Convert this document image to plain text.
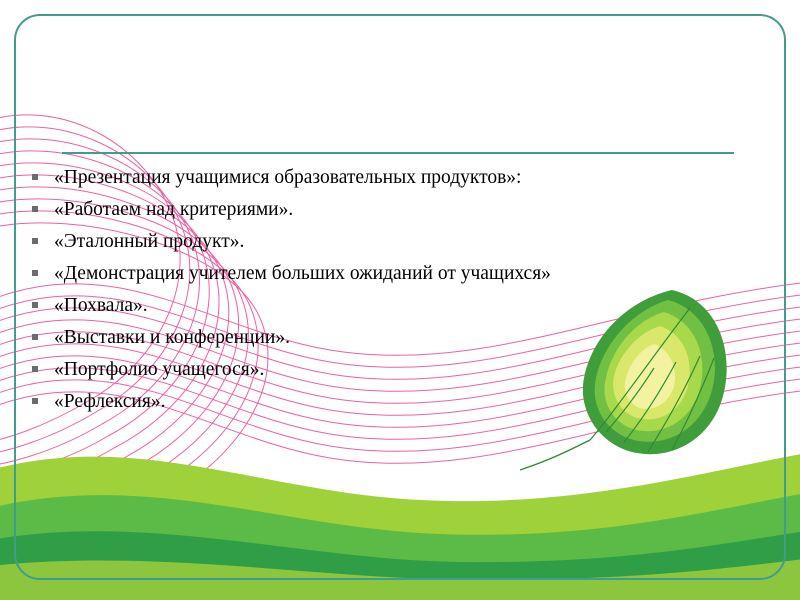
«Презентация учащимися образовательных продуктов»:
«Работаем над критериями».
«Эталонный продукт».
«Демонстрация учителем больших ожиданий от учащихся»
«Похвала».
«Выставки и конференции».
«Портфолио учащегося».
«Рефлексия».
